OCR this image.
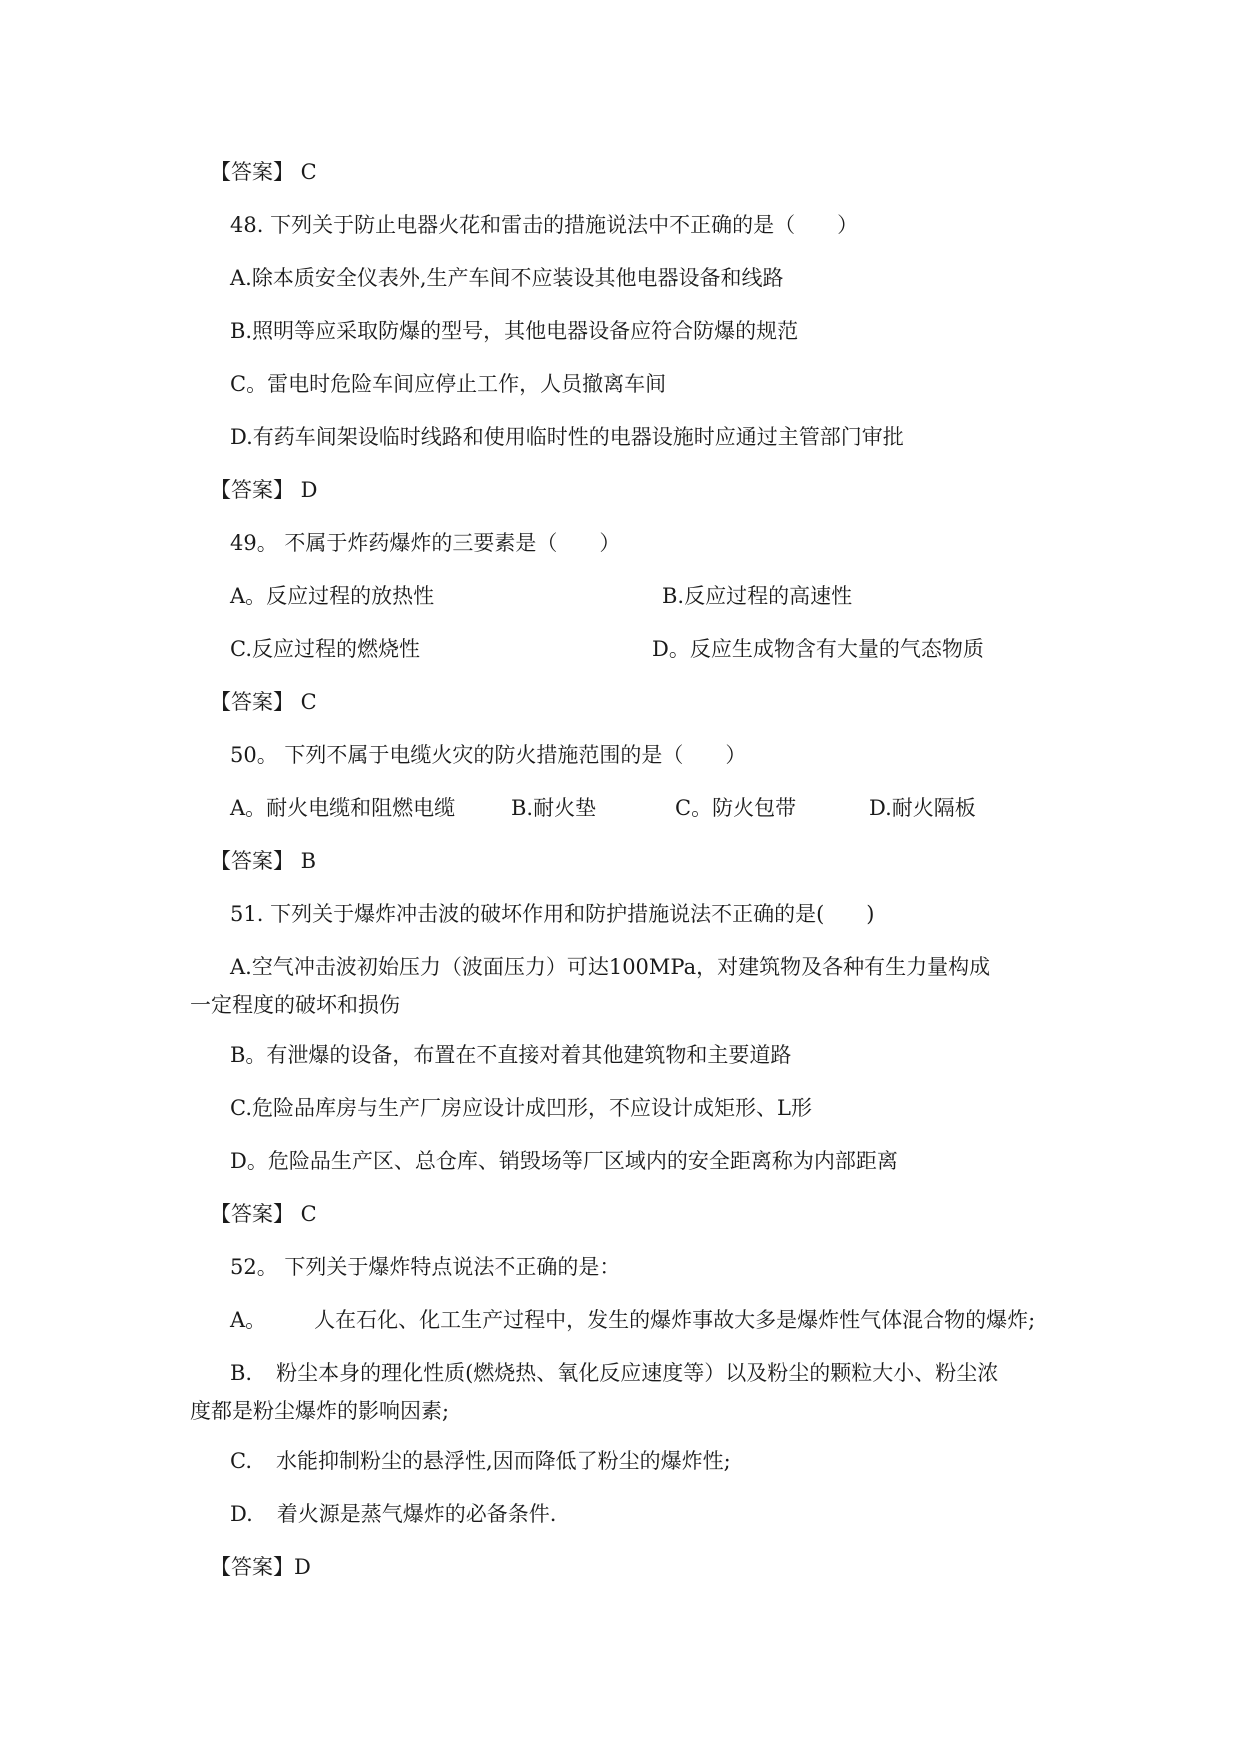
【答案】 C
48. 下列关于防止电器火花和雷击的措施说法中不正确的是（　　）
A.除本质安全仪表外,生产车间不应装设其他电器设备和线路
B.照明等应采取防爆的型号，其他电器设备应符合防爆的规范
C。雷电时危险车间应停止工作，人员撤离车间
D.有药车间架设临时线路和使用临时性的电器设施时应通过主管部门审批
【答案】 D
49。 不属于炸药爆炸的三要素是（　　）
A。反应过程的放热性	B.反应过程的高速性
C.反应过程的燃烧性	D。反应生成物含有大量的气态物质
【答案】 C
50。 下列不属于电缆火灾的防火措施范围的是（　　）
A。耐火电缆和阻燃电缆	B.耐火垫	C。防火包带	D.耐火隔板
【答案】 B
51. 下列关于爆炸冲击波的破坏作用和防护措施说法不正确的是(　　)
A.空气冲击波初始压力（波面压力）可达100MPa，对建筑物及各种有生力量构成一定程度的破坏和损伤
B。有泄爆的设备，布置在不直接对着其他建筑物和主要道路
C.危险品库房与生产厂房应设计成凹形，不应设计成矩形、L形
D。危险品生产区、总仓库、销毁场等厂区域内的安全距离称为内部距离
【答案】 C
52。 下列关于爆炸特点说法不正确的是：
A。 人在石化、化工生产过程中，发生的爆炸事故大多是爆炸性气体混合物的爆炸;
B. 粉尘本身的理化性质(燃烧热、氧化反应速度等）以及粉尘的颗粒大小、粉尘浓度都是粉尘爆炸的影响因素;
C. 水能抑制粉尘的悬浮性,因而降低了粉尘的爆炸性;
D. 着火源是蒸气爆炸的必备条件.
【答案】D
